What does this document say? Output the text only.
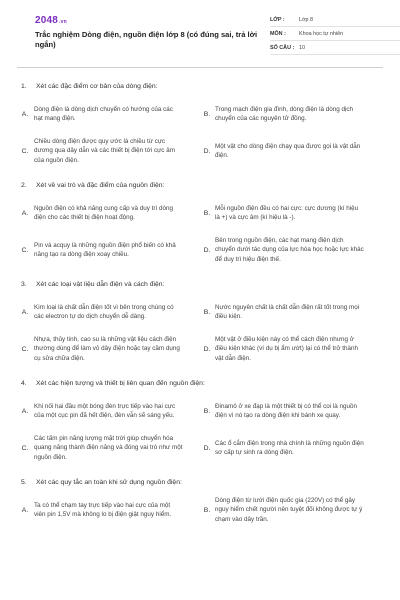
2048.vn
Trắc nghiệm Dòng điện, nguồn điện lớp 8 (có đúng sai, trả lời ngắn)
LỚP :	Lớp 8
MÔN :	Khoa học tự nhiên
SỐ CÂU : 10
1.	Xét các đặc điểm cơ bản của dòng điện:
A.
Dòng điện là dòng dịch chuyển có hướng của các hạt mang điện.
B.
Trong mạch điện gia đình, dòng điện là dòng dịch chuyển của các nguyên tử đồng.
C.
Chiều dòng điện được quy ước là chiều từ cực dương qua dây dẫn và các thiết bị điện tới cực âm của nguồn điện.
D.
Một vật cho dòng điện chạy qua được gọi là vật dẫn điện.
2.	Xét về vai trò và đặc điểm của nguồn điện:
A.
Nguồn điện có khả năng cung cấp và duy trì dòng điện cho các thiết bị điện hoạt động.
B.
Mỗi nguồn điện đều có hai cực: cực dương (kí hiệu là +) và cực âm (kí hiệu là -).
C.
Pin và acquy là những nguồn điện phổ biến có khả năng tạo ra dòng điện xoay chiều.
D.
Bên trong nguồn điện, các hạt mang điện dịch chuyển dưới tác dụng của lực hóa học hoặc lực khác để duy trì hiệu điện thế.
3.	Xét các loại vật liệu dẫn điện và cách điện:
A.
Kim loại là chất dẫn điện tốt vì bên trong chúng có các electron tự do dịch chuyển dễ dàng.
B.
Nước nguyên chất là chất dẫn điện rất tốt trong mọi điều kiện.
C.
Nhựa, thủy tinh, cao su là những vật liệu cách điện thường dùng để làm vỏ dây điện hoặc tay cầm dụng cụ sửa chữa điện.
D.
Một vật ở điều kiện này có thể cách điện nhưng ở điều kiện khác (ví dụ bị ẩm ướt) lại có thể trở thành vật dẫn điện.
4.	Xét các hiện tượng và thiết bị liên quan đến nguồn điện:
A.
Khi nối hai đầu một bóng đèn trực tiếp vào hai cực của một cục pin đã hết điện, đèn vẫn sẽ sáng yếu.
B.
Đinamô ở xe đạp là một thiết bị có thể coi là nguồn điện vì nó tạo ra dòng điện khi bánh xe quay.
C.
Các tấm pin năng lượng mặt trời giúp chuyển hóa quang năng thành điện năng và đóng vai trò như một nguồn điện.
D.
Các ổ cắm điện trong nhà chính là những nguồn điện sơ cấp tự sinh ra dòng điện.
5.	Xét các quy tắc an toàn khi sử dụng nguồn điện:
A.
Ta có thể chạm tay trực tiếp vào hai cực của một viên pin 1,5V mà không lo bị điện giật nguy hiểm.
B.
Dòng điện từ lưới điện quốc gia (220V) có thể gây nguy hiểm chết người nên tuyệt đối không được tự ý chạm vào dây trần.
